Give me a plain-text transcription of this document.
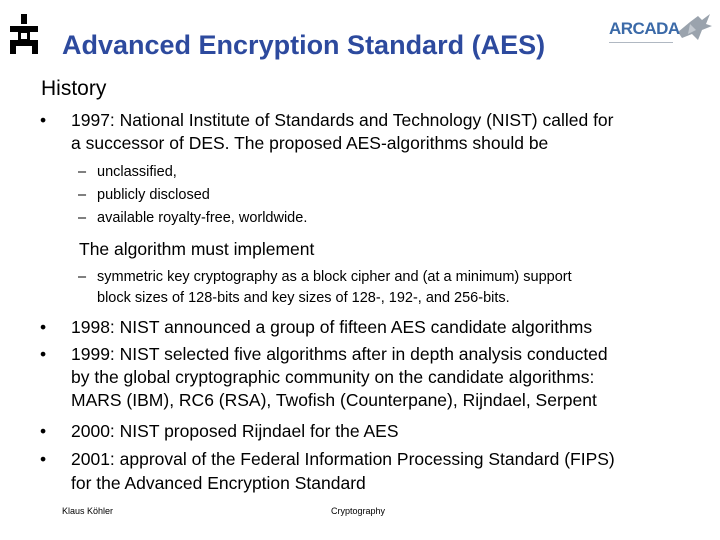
ARCADA
Advanced Encryption Standard (AES)
History
• 1997: National Institute of Standards and Technology (NIST) called for
a successor of DES. The proposed AES-algorithms should be
– unclassified,
– publicly disclosed
– available royalty-free, worldwide.
The algorithm must implement
– symmetric key cryptography as a block cipher and (at a minimum) support
block sizes of 128-bits and key sizes of 128-, 192-, and 256-bits.
• 1998: NIST announced a group of fifteen AES candidate algorithms
• 1999: NIST selected five algorithms after in depth analysis conducted
by the global cryptographic community on the candidate algorithms:
MARS (IBM), RC6 (RSA), Twofish (Counterpane), Rijndael, Serpent
• 2000: NIST proposed Rijndael for the AES
• 2001: approval of the Federal Information Processing Standard (FIPS)
for the Advanced Encryption Standard
Klaus Köhler	Cryptography
